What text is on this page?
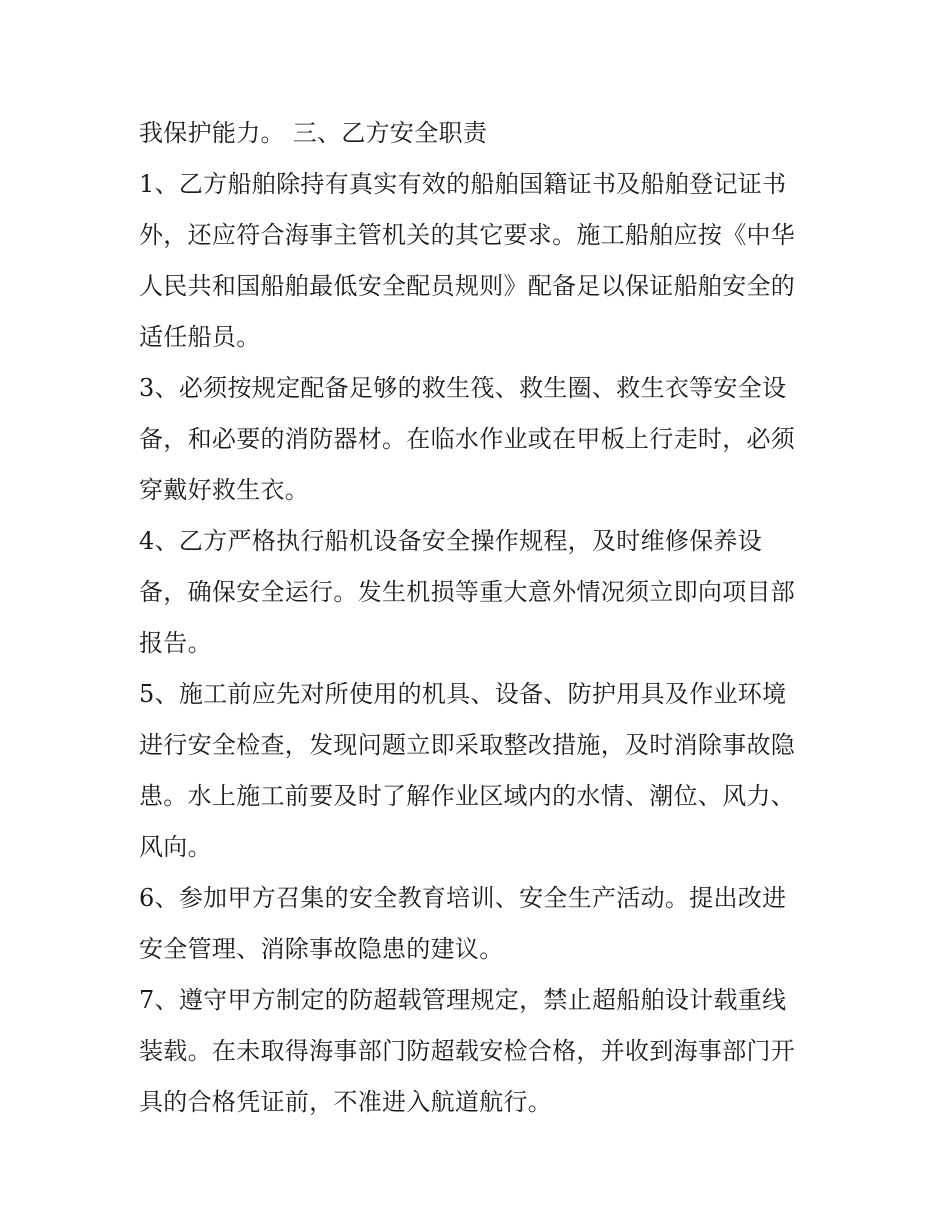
我保护能力。 三、乙方安全职责

1、乙方船舶除持有真实有效的船舶国籍证书及船舶登记证书
外，还应符合海事主管机关的其它要求。施工船舶应按《中华
人民共和国船舶最低安全配员规则》配备足以保证船舶安全的
适任船员。

3、必须按规定配备足够的救生筏、救生圈、救生衣等安全设
备，和必要的消防器材。在临水作业或在甲板上行走时，必须
穿戴好救生衣。

4、乙方严格执行船机设备安全操作规程，及时维修保养设
备，确保安全运行。发生机损等重大意外情况须立即向项目部
报告。

5、施工前应先对所使用的机具、设备、防护用具及作业环境
进行安全检查，发现问题立即采取整改措施，及时消除事故隐
患。水上施工前要及时了解作业区域内的水情、潮位、风力、
风向。

6、参加甲方召集的安全教育培训、安全生产活动。提出改进
安全管理、消除事故隐患的建议。

7、遵守甲方制定的防超载管理规定，禁止超船舶设计载重线
装载。在未取得海事部门防超载安检合格，并收到海事部门开
具的合格凭证前，不准进入航道航行。
